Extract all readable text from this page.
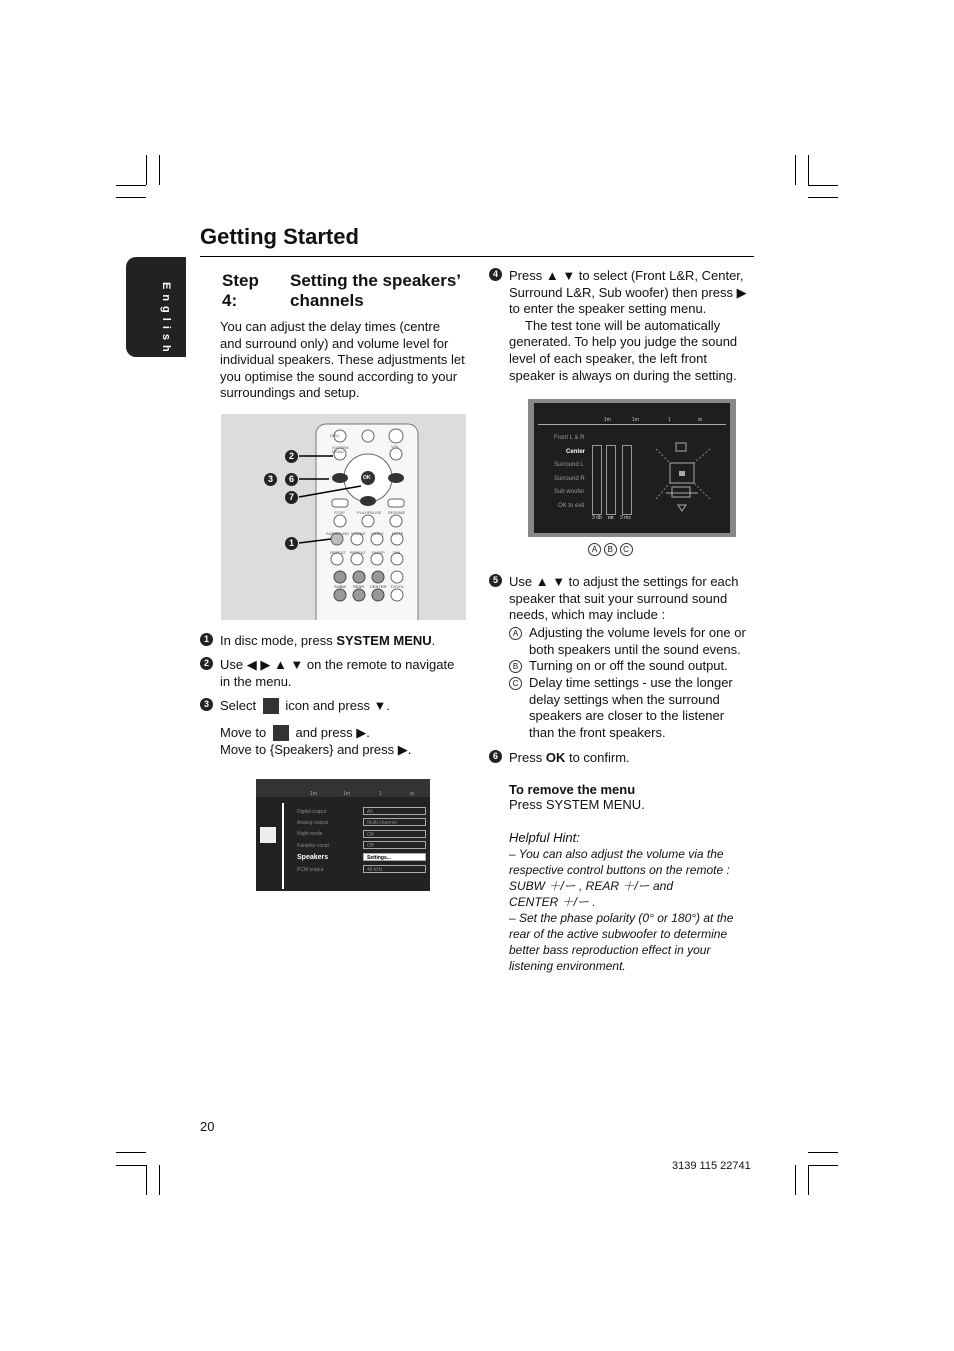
Getting Started
English
Step 4:
Setting the speakers’
channels
You can adjust the delay times (centre
and surround only) and volume level for
individual speakers. These adjustments let
you optimise the sound according to your
surroundings and setup.
2
3	6
7
1
DISC
SYSTEM
MENU
VOL
OK
STOP	PLAY/PAUSE RESUME
SURROUND SOUND VIDEO MUTE
REPEAT REPEAT SLEEP DIM
SUBW REAR CENTER TV/VOL
1 In disc mode, press SYSTEM MENU.
2 Use ◀ ▶ ▲ ▼ on the remote to navigate
in the menu.
3 Select icon and press ▼.
Move to and press ▶.
Move to {Speakers} and press ▶.
1m	1m	1	st
Digital output	All
Analog output	Multi-channel
Night mode	Off
Karaoke vocal	Off
Speakers	Settings...
PCM output	48 kHz
4 Press ▲ ▼ to select (Front L&R, Center,
Surround L&R, Sub woofer) then press ▶
to enter the speaker setting menu.
The test tone will be automatically
generated. To help you judge the sound
level of each speaker, the left front
speaker is always on during the setting.
1m	1m	1	st
Front L & R
Center
Surround L
Surround R
Sub woofer
OK to exit
3 db on 3 ms
A B C
5 Use ▲ ▼ to adjust the settings for each
speaker that suit your surround sound
needs, which may include :
A Adjusting the volume levels for one or
both speakers until the sound evens.
B Turning on or off the sound output.
C Delay time settings - use the longer
delay settings when the surround
speakers are closer to the listener
than the front speakers.
6 Press OK to confirm.
To remove the menu
Press SYSTEM MENU.
Helpful Hint:
– You can also adjust the volume via the
respective control buttons on the remote :
SUBW ＋/ー , REAR ＋/ー and
CENTER ＋/ー .
– Set the phase polarity (0° or 180°) at the
rear of the active subwoofer to determine
better bass reproduction effect in your
listening environment.
20
3139 115 22741
